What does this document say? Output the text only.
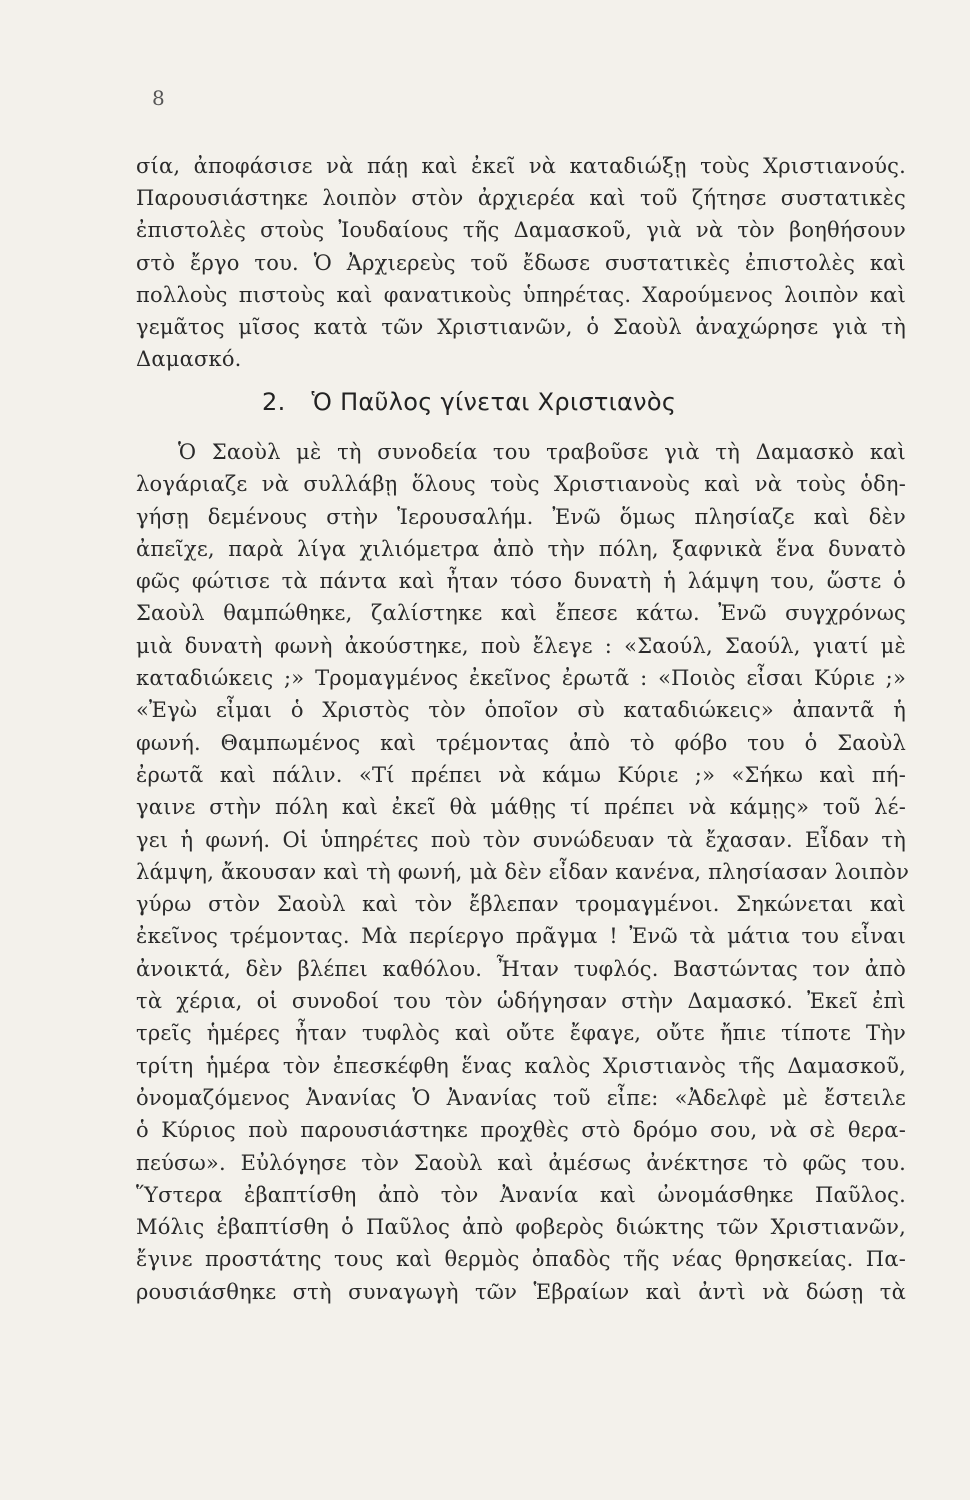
8
σία, ἀποφάσισε νὰ πάῃ καὶ ἐκεῖ νὰ καταδιώξῃ τοὺς Χριστιανούς.
Παρουσιάστηκε λοιπὸν στὸν ἀρχιερέα καὶ τοῦ ζήτησε συστατικὲς
ἐπιστολὲς στοὺς Ἰουδαίους τῆς Δαμασκοῦ, γιὰ νὰ τὸν βοηθήσουν
στὸ ἔργο του. Ὁ Ἀρχιερεὺς τοῦ ἔδωσε συστατικὲς ἐπιστολὲς καὶ
πολλοὺς πιστοὺς καὶ φανατικοὺς ὑπηρέτας. Χαρούμενος λοιπὸν καὶ
γεμᾶτος μῖσος κατὰ τῶν Χριστιανῶν, ὁ Σαοὺλ ἀναχώρησε γιὰ τὴ
Δαμασκό.
2. Ὁ Παῦλος γίνεται Χριστιανὸς
Ὁ Σαοὺλ μὲ τὴ συνοδεία του τραβοῦσε γιὰ τὴ Δαμασκὸ καὶ
λογάριαζε νὰ συλλάβῃ ὅλους τοὺς Χριστιανοὺς καὶ νὰ τοὺς ὁδη-
γήσῃ δεμένους στὴν Ἱερουσαλήμ. Ἐνῶ ὅμως πλησίαζε καὶ δὲν
ἀπεῖχε, παρὰ λίγα χιλιόμετρα ἀπὸ τὴν πόλη, ξαφνικὰ ἕνα δυνατὸ
φῶς φώτισε τὰ πάντα καὶ ἦταν τόσο δυνατὴ ἡ λάμψη του, ὥστε ὁ
Σαοὺλ θαμπώθηκε, ζαλίστηκε καὶ ἔπεσε κάτω. Ἐνῶ συγχρόνως
μιὰ δυνατὴ φωνὴ ἀκούστηκε, ποὺ ἔλεγε : «Σαούλ, Σαούλ, γιατί μὲ
καταδιώκεις ;» Τρομαγμένος ἐκεῖνος ἐρωτᾶ : «Ποιὸς εἶσαι Κύριε ;»
«Ἐγὼ εἶμαι ὁ Χριστὸς τὸν ὁποῖον σὺ καταδιώκεις» ἀπαντᾶ ἡ
φωνή. Θαμπωμένος καὶ τρέμοντας ἀπὸ τὸ φόβο του ὁ Σαοὺλ
ἐρωτᾶ καὶ πάλιν. «Τί πρέπει νὰ κάμω Κύριε ;» «Σήκω καὶ πή-
γαινε στὴν πόλη καὶ ἐκεῖ θὰ μάθῃς τί πρέπει νὰ κάμῃς» τοῦ λέ-
γει ἡ φωνή. Οἱ ὑπηρέτες ποὺ τὸν συνώδευαν τὰ ἔχασαν. Εἶδαν τὴ
λάμψη, ἄκουσαν καὶ τὴ φωνή, μὰ δὲν εἶδαν κανένα, πλησίασαν λοιπὸν
γύρω στὸν Σαοὺλ καὶ τὸν ἔβλεπαν τρομαγμένοι. Σηκώνεται καὶ
ἐκεῖνος τρέμοντας. Μὰ περίεργο πρᾶγμα ! Ἐνῶ τὰ μάτια του εἶναι
ἀνοικτά, δὲν βλέπει καθόλου. Ἦταν τυφλός. Βαστώντας τον ἀπὸ
τὰ χέρια, οἱ συνοδοί του τὸν ὡδήγησαν στὴν Δαμασκό. Ἐκεῖ ἐπὶ
τρεῖς ἡμέρες ἦταν τυφλὸς καὶ οὔτε ἔφαγε, οὔτε ἤπιε τίποτε Τὴν
τρίτη ἡμέρα τὸν ἐπεσκέφθη ἕνας καλὸς Χριστιανὸς τῆς Δαμασκοῦ,
ὀνομαζόμενος Ἀνανίας Ὁ Ἀνανίας τοῦ εἶπε: «Ἀδελφὲ μὲ ἔστειλε
ὁ Κύριος ποὺ παρουσιάστηκε προχθὲς στὸ δρόμο σου, νὰ σὲ θερα-
πεύσω». Εὐλόγησε τὸν Σαοὺλ καὶ ἀμέσως ἀνέκτησε τὸ φῶς του.
Ὕστερα ἐβαπτίσθη ἀπὸ τὸν Ἀνανία καὶ ὠνομάσθηκε Παῦλος.
Μόλις ἐβαπτίσθη ὁ Παῦλος ἀπὸ φοβερὸς διώκτης τῶν Χριστιανῶν,
ἔγινε προστάτης τους καὶ θερμὸς ὀπαδὸς τῆς νέας θρησκείας. Πα-
ρουσιάσθηκε στὴ συναγωγὴ τῶν Ἑβραίων καὶ ἀντὶ νὰ δώσῃ τὰ
